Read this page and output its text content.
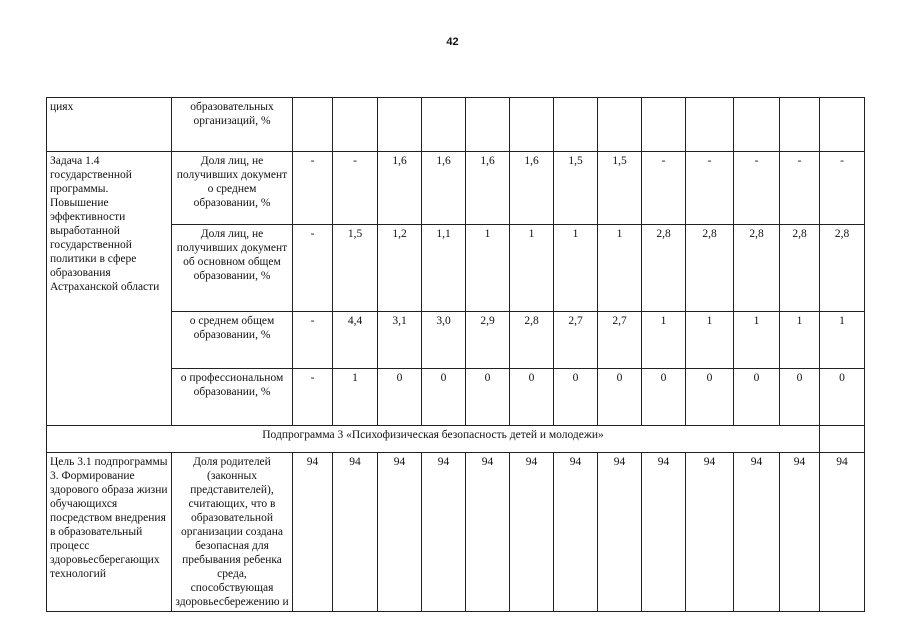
42
циях	образовательных организаций, %													
Задача 1.4 государственной программы. Повышение эффективности выработанной государственной политики в сфере образования Астраханской области	Доля лиц, не получивших документ о среднем образовании, %	-	-	1,6	1,6	1,6	1,6	1,5	1,5	-	-	-	-	-
	Доля лиц, не получивших документ об основном общем образовании, %	-	1,5	1,2	1,1	1	1	1	1	2,8	2,8	2,8	2,8	2,8
	о среднем общем образовании, %	-	4,4	3,1	3,0	2,9	2,8	2,7	2,7	1	1	1	1	1
	о профессиональном образовании, %	-	1	0	0	0	0	0	0	0	0	0	0	0
Подпрограмма 3 «Психофизическая безопасность детей и молодежи»														
Цель 3.1 подпрограммы 3. Формирование здорового образа жизни обучающихся посредством внедрения в образовательный процесс здоровьесберегающих технологий	Доля родителей (законных представителей), считающих, что в образовательной организации создана безопасная для пребывания ребенка среда, способствующая здоровьесбережению и	94	94	94	94	94	94	94	94	94	94	94	94	94
